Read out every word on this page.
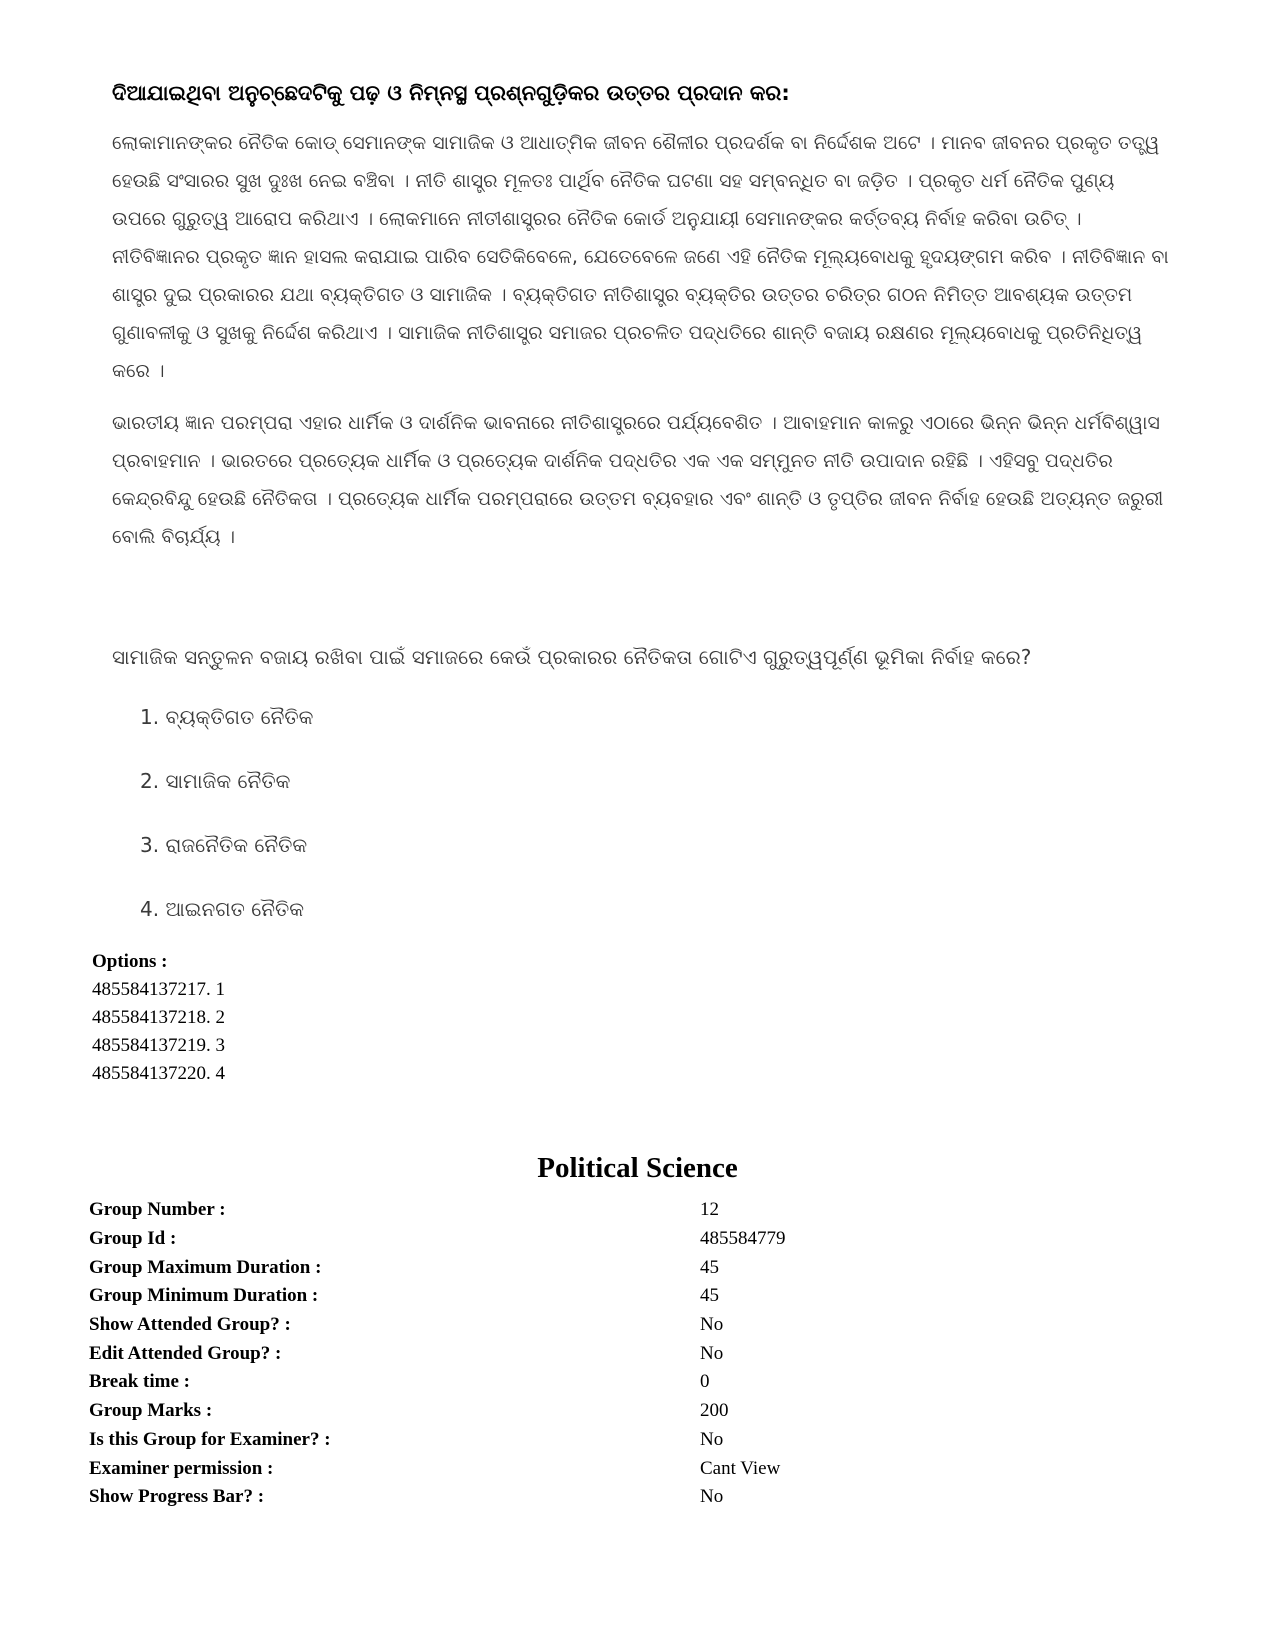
ଦିଆଯାଇଥିବା ଅନୁଚ୍ଛେଦଟିକୁ ପଢ଼ ଓ ନିମ୍ନସ୍ଥ ପ୍ରଶ୍ନଗୁଡ଼ିକର ଉତ୍ତର ପ୍ରଦାନ କର:

ଲୋକାମାନଙ୍କର ନୈତିକ କୋଡ୍ ସେମାନଙ୍କ ସାମାଜିକ ଓ ଆଧାତ୍ମିକ ଜୀବନ ଶୈଳୀର ପ୍ରଦର୍ଶକ ବା ନିର୍ଦ୍ଦେଶକ ଅଟେ । ମାନବ ଜୀବନର ପ୍ରକୃତ ତତ୍ତ୍ୱ ହେଉଛି ସଂସାରର ସୁଖ ଦୁଃଖ ନେଇ ବଞ୍ଚିବା । ନୀତି ଶାସ୍ତ୍ର ମୂଳତଃ ପାର୍ଥିବ ନୈତିକ ଘଟଣା ସହ ସମ୍ବନ୍ଧିତ ବା ଜଡ଼ିତ । ପ୍ରକୃତ ଧର୍ମ ନୈତିକ ପୁଣ୍ୟ ଉପରେ ଗୁରୁତ୍ୱ ଆରୋପ କରିଥାଏ । ଲୋକମାନେ ନୀତୀଶାସ୍ତ୍ରର ନୈତିକ କୋର୍ଡ ଅନୁଯାୟୀ ସେମାନଙ୍କର କର୍ତ୍ତବ୍ୟ ନିର୍ବାହ କରିବା ଉଚିତ୍ । ନୀତିବିଜ୍ଞାନର ପ୍ରକୃତ ଜ୍ଞାନ ହାସଲ କରାଯାଇ ପାରିବ ସେତିକିବେଳେ, ଯେତେବେଳେ ଜଣେ ଏହି ନୈତିକ ମୂଲ୍ୟବୋଧକୁ ହୃଦୟଙ୍ଗମ କରିବ । ନୀତିବିଜ୍ଞାନ ବା ଶାସ୍ତ୍ର ଦୁଇ ପ୍ରକାରର ଯଥା ବ୍ୟକ୍ତିଗତ ଓ ସାମାଜିକ । ବ୍ୟକ୍ତିଗତ ନୀତିଶାସ୍ତ୍ର ବ୍ୟକ୍ତିର ଉତ୍ତର ଚରିତ୍ର ଗଠନ ନିମିତ୍ତ ଆବଶ୍ୟକ ଉତ୍ତମ ଗୁଣାବଳୀକୁ ଓ ସୁଖକୁ ନିର୍ଦ୍ଦେଶ କରିଥାଏ । ସାମାଜିକ ନୀତିଶାସ୍ତ୍ର ସମାଜର ପ୍ରଚଳିତ ପଦ୍ଧତିରେ ଶାନ୍ତି ବଜାୟ ରକ୍ଷଣର ମୂଲ୍ୟବୋଧକୁ ପ୍ରତିନିଧିତ୍ୱ କରେ ।

ଭାରତୀୟ ଜ୍ଞାନ ପରମ୍ପରା ଏହାର ଧାର୍ମିକ ଓ ଦାର୍ଶନିକ ଭାବନାରେ ନୀତିଶାସ୍ତ୍ରରେ ପର୍ଯ୍ୟବେଶିତ । ଆବାହମାନ କାଳରୁ ଏଠାରେ ଭିନ୍ନ ଭିନ୍ନ ଧର୍ମବିଶ୍ୱାସ ପ୍ରବାହମାନ । ଭାରତରେ ପ୍ରତ୍ୟେକ ଧାର୍ମିକ ଓ ପ୍ରତ୍ୟେକ ଦାର୍ଶନିକ ପଦ୍ଧତିର ଏକ ଏକ ସମ୍ମୁନତ ନୀତି ଉପାଦାନ ରହିଛି । ଏହିସବୁ ପଦ୍ଧତିର କେନ୍ଦ୍ରବିନ୍ଦୁ ହେଉଛି ନୈତିକତା । ପ୍ରତ୍ୟେକ ଧାର୍ମିକ ପରମ୍ପରାରେ ଉତ୍ତମ ବ୍ୟବହାର ଏବଂ ଶାନ୍ତି ଓ ତୃପ୍ତିର ଜୀବନ ନିର୍ବାହ ହେଉଛି ଅତ୍ୟନ୍ତ ଜରୁରୀ ବୋଲି ବିଚାର୍ଯ୍ୟ ।

ସାମାଜିକ ସନ୍ତୁଳନ ବଜାୟ ରଖିବା ପାଇଁ ସମାଜରେ କେଉଁ ପ୍ରକାରର ନୈତିକତା ଗୋଟିଏ ଗୁରୁତ୍ୱପୂର୍ଣ୍ଣ ଭୂମିକା ନିର୍ବାହ କରେ?
1. ବ୍ୟକ୍ତିଗତ ନୈତିକ
2. ସାମାଜିକ ନୈତିକ
3. ରାଜନୈତିକ ନୈତିକ
4. ଆଇନଗତ ନୈତିକ
Options :
485584137217. 1
485584137218. 2
485584137219. 3
485584137220. 4
Political Science
Group Number :	12
Group Id :	485584779
Group Maximum Duration :	45
Group Minimum Duration :	45
Show Attended Group? :	No
Edit Attended Group? :	No
Break time :	0
Group Marks :	200
Is this Group for Examiner? :	No
Examiner permission :	Cant View
Show Progress Bar? :	No
